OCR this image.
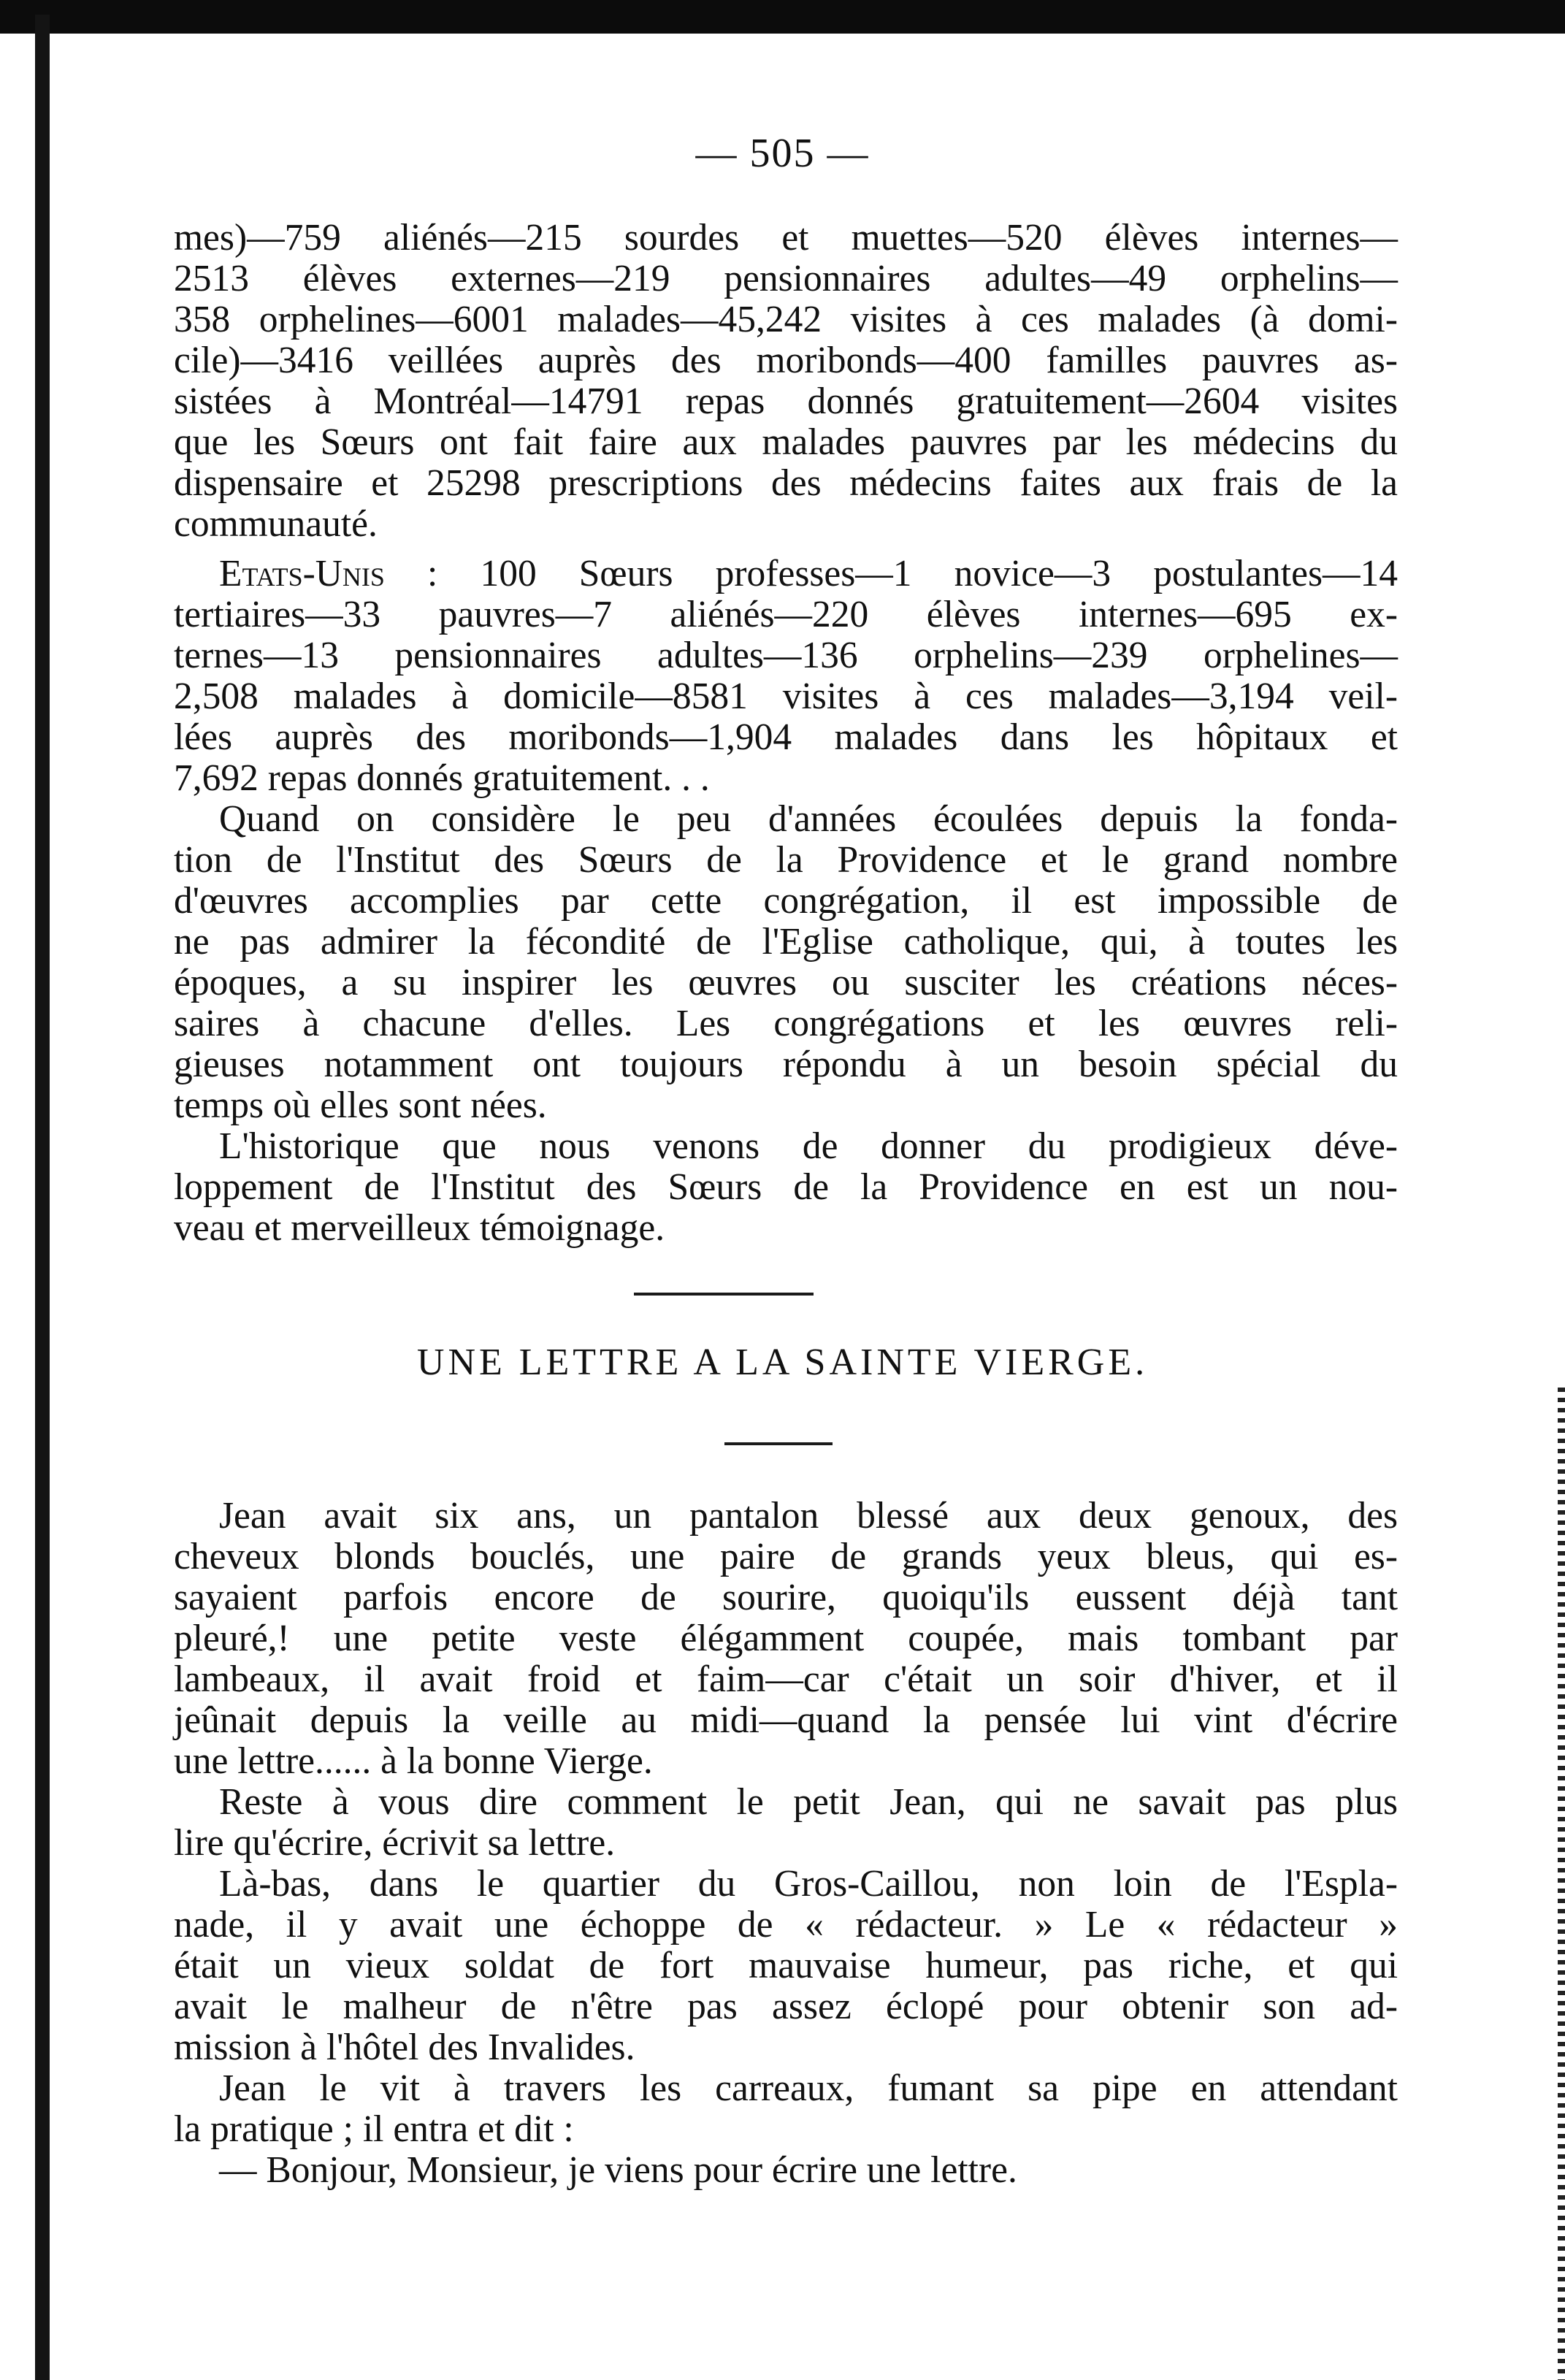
— 505 —
mes)—759 aliénés—215 sourdes et muettes—520 élèves internes—
2513 élèves externes—219 pensionnaires adultes—49 orphelins—
358 orphelines—6001 malades—45,242 visites à ces malades (à domi-
cile)—3416 veillées auprès des moribonds—400 familles pauvres as-
sistées à Montréal—14791 repas donnés gratuitement—2604 visites
que les Sœurs ont fait faire aux malades pauvres par les médecins du
dispensaire et 25298 prescriptions des médecins faites aux frais de la
communauté.
Etats-Unis : 100 Sœurs professes—1 novice—3 postulantes—14
tertiaires—33 pauvres—7 aliénés—220 élèves internes—695 ex-
ternes—13 pensionnaires adultes—136 orphelins—239 orphelines—
2,508 malades à domicile—8581 visites à ces malades—3,194 veil-
lées auprès des moribonds—1,904 malades dans les hôpitaux et
7,692 repas donnés gratuitement. . .
Quand on considère le peu d'années écoulées depuis la fonda-
tion de l'Institut des Sœurs de la Providence et le grand nombre
d'œuvres accomplies par cette congrégation, il est impossible de
ne pas admirer la fécondité de l'Eglise catholique, qui, à toutes les
époques, a su inspirer les œuvres ou susciter les créations néces-
saires à chacune d'elles. Les congrégations et les œuvres reli-
gieuses notamment ont toujours répondu à un besoin spécial du
temps où elles sont nées.
L'historique que nous venons de donner du prodigieux déve-
loppement de l'Institut des Sœurs de la Providence en est un nou-
veau et merveilleux témoignage.
UNE LETTRE A LA SAINTE VIERGE.
Jean avait six ans, un pantalon blessé aux deux genoux, des
cheveux blonds bouclés, une paire de grands yeux bleus, qui es-
sayaient parfois encore de sourire, quoiqu'ils eussent déjà tant
pleuré,! une petite veste élégamment coupée, mais tombant par
lambeaux, il avait froid et faim—car c'était un soir d'hiver, et il
jeûnait depuis la veille au midi—quand la pensée lui vint d'écrire
une lettre...... à la bonne Vierge.
Reste à vous dire comment le petit Jean, qui ne savait pas plus
lire qu'écrire, écrivit sa lettre.
Là-bas, dans le quartier du Gros-Caillou, non loin de l'Espla-
nade, il y avait une échoppe de « rédacteur. » Le « rédacteur »
était un vieux soldat de fort mauvaise humeur, pas riche, et qui
avait le malheur de n'être pas assez éclopé pour obtenir son ad-
mission à l'hôtel des Invalides.
Jean le vit à travers les carreaux, fumant sa pipe en attendant
la pratique ; il entra et dit :
— Bonjour, Monsieur, je viens pour écrire une lettre.
